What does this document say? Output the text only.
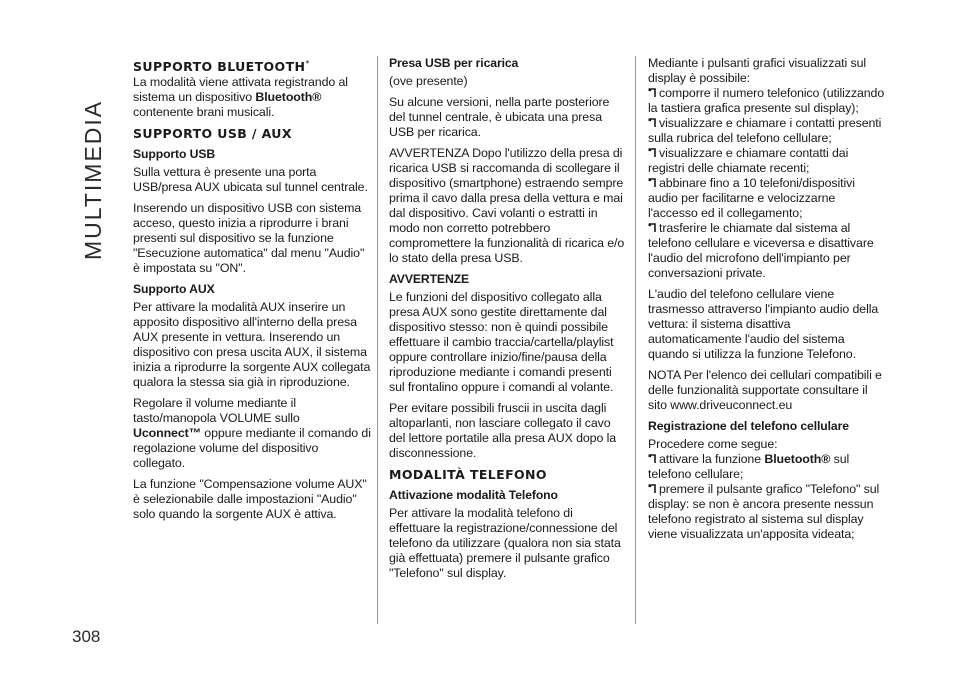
MULTIMEDIA
308
SUPPORTO BLUETOOTH*

La modalità viene attivata registrando al sistema un dispositivo Bluetooth® contenente brani musicali.

SUPPORTO USB / AUX
Supporto USB

Sulla vettura è presente una porta USB/presa AUX ubicata sul tunnel centrale.

Inserendo un dispositivo USB con sistema acceso, questo inizia a riprodurre i brani presenti sul dispositivo se la funzione "Esecuzione automatica" dal menu "Audio" è impostata su "ON".

Supporto AUX

Per attivare la modalità AUX inserire un apposito dispositivo all'interno della presa AUX presente in vettura. Inserendo un dispositivo con presa uscita AUX, il sistema inizia a riprodurre la sorgente AUX collegata qualora la stessa sia già in riproduzione.

Regolare il volume mediante il tasto/manopola VOLUME sullo Uconnect™ oppure mediante il comando di regolazione volume del dispositivo collegato.

La funzione "Compensazione volume AUX" è selezionabile dalle impostazioni "Audio" solo quando la sorgente AUX è attiva.

Presa USB per ricarica

(ove presente)

Su alcune versioni, nella parte posteriore del tunnel centrale, è ubicata una presa USB per ricarica.

AVVERTENZA Dopo l'utilizzo della presa di ricarica USB si raccomanda di scollegare il dispositivo (smartphone) estraendo sempre prima il cavo dalla presa della vettura e mai dal dispositivo. Cavi volanti o estratti in modo non corretto potrebbero compromettere la funzionalità di ricarica e/o lo stato della presa USB.

AVVERTENZE

Le funzioni del dispositivo collegato alla presa AUX sono gestite direttamente dal dispositivo stesso: non è quindi possibile effettuare il cambio traccia/cartella/playlist oppure controllare inizio/fine/pausa della riproduzione mediante i comandi presenti sul frontalino oppure i comandi al volante.

Per evitare possibili fruscii in uscita dagli altoparlanti, non lasciare collegato il cavo del lettore portatile alla presa AUX dopo la disconnessione.

MODALITÀ TELEFONO
Attivazione modalità Telefono

Per attivare la modalità telefono di effettuare la registrazione/connessione del telefono da utilizzare (qualora non sia stata già effettuata) premere il pulsante grafico "Telefono" sul display.

Mediante i pulsanti grafici visualizzati sul display è possibile:

comporre il numero telefonico (utilizzando la tastiera grafica presente sul display);
visualizzare e chiamare i contatti presenti sulla rubrica del telefono cellulare;
visualizzare e chiamare contatti dai registri delle chiamate recenti;
abbinare fino a 10 telefoni/dispositivi audio per facilitarne e velocizzarne l'accesso ed il collegamento;
trasferire le chiamate dal sistema al telefono cellulare e viceversa e disattivare l'audio del microfono dell'impianto per conversazioni private.

L'audio del telefono cellulare viene trasmesso attraverso l'impianto audio della vettura: il sistema disattiva automaticamente l'audio del sistema quando si utilizza la funzione Telefono.

NOTA Per l'elenco dei cellulari compatibili e delle funzionalità supportate consultare il sito www.driveuconnect.eu

Registrazione del telefono cellulare

Procedere come segue:

attivare la funzione Bluetooth® sul telefono cellulare;
premere il pulsante grafico "Telefono" sul display: se non è ancora presente nessun telefono registrato al sistema sul display viene visualizzata un'apposita videata;
